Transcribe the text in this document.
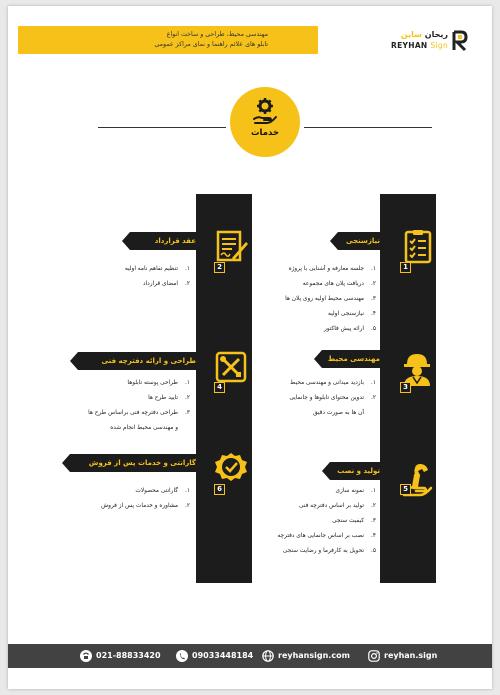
مهندسی محیط، طراحی و ساخت انواع
تابلو های علائم راهنما و نمای مراکز عمومی
ریحان ساین
REYHAN Sign
خدمات
نیازسنجی
1
۱.جلسه معارفه و آشنایی با پروژه
۲.دریافت پلان های مجموعه
۳.مهندسی محیط اولیه روی پلان ها
۴.نیازسنجی اولیه
۵.ارائه پیش فاکتور
عقد قرارداد
2
۱.تنظیم تفاهم نامه اولیه
۲.امضای قرارداد
مهندسی محیط
3
۱.بازدید میدانی و مهندسی محیط
۲.تدوین محتوای تابلوها و جانمایی
آن ها به صورت دقیق
طراحی و ارائه دفترچه فنی
4
۱.طراحی پوسته تابلوها
۲.تایید طرح ها
۳.طراحی دفترچه فنی براساس طرح ها
و مهندسی محیط انجام شده
تولید و نصب
5
۱.نمونه سازی
۲.تولید بر اساس دفترچه فنی
۳.کیفیت سنجی
۴.نصب بر اساس جانمایی های دفترچه
۵.تحویل به کارفرما و رضایت سنجی
گارانتی و خدمات پس از فروش
6
۱.گارانتی محصولات
۲.مشاوره و خدمات پس از فروش
021-88833420	09033448184	reyhansign.com	reyhan.sign
